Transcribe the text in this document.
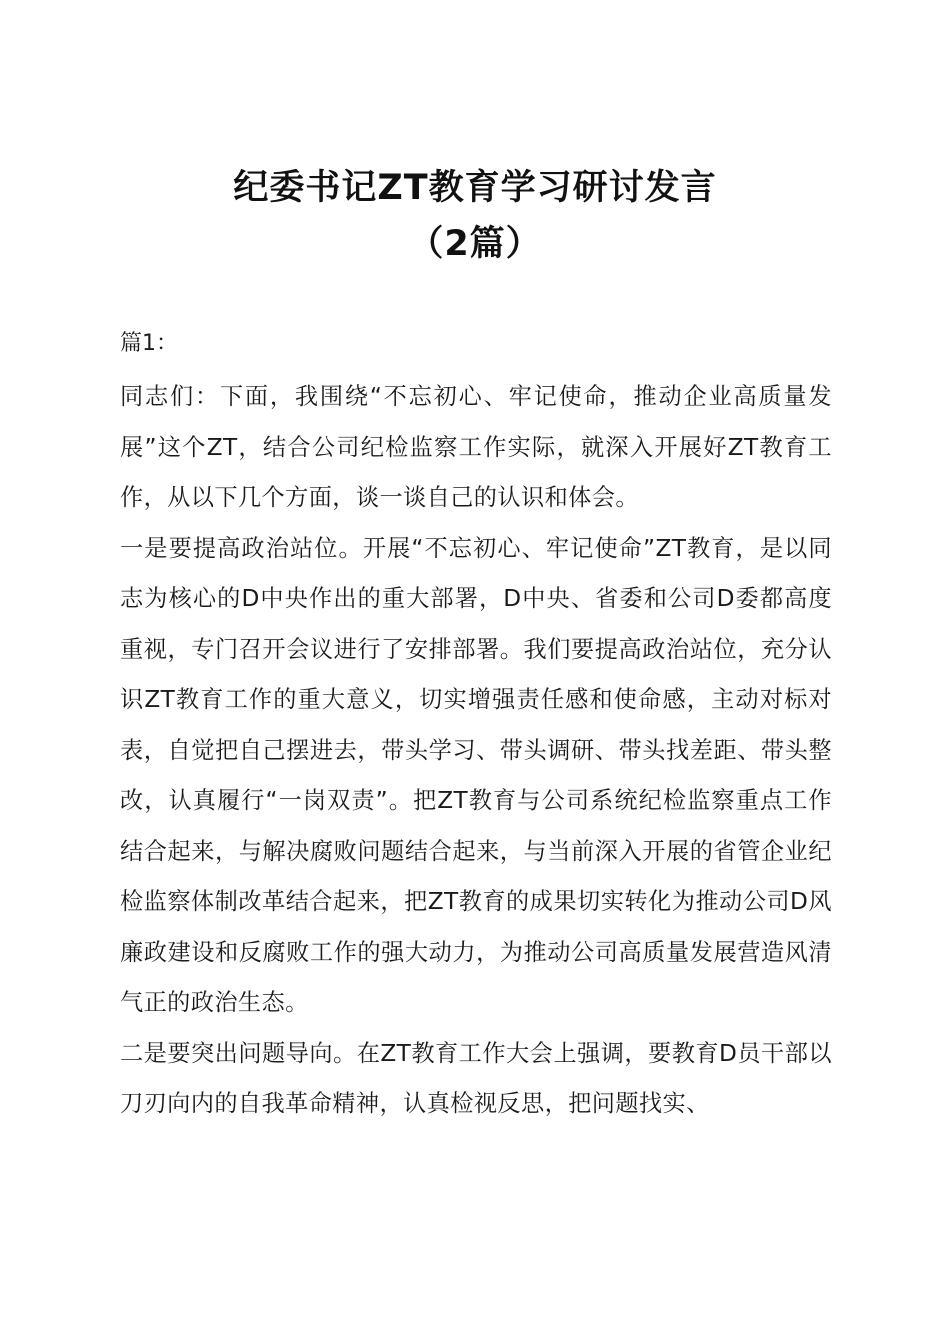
纪委书记ZT教育学习研讨发言
（2篇）
篇1：

同志们：下面，我围绕“不忘初心、牢记使命，推动企业高质量发展”这个ZT，结合公司纪检监察工作实际，就深入开展好ZT教育工作，从以下几个方面，谈一谈自己的认识和体会。

一是要提高政治站位。开展“不忘初心、牢记使命”ZT教育，是以同志为核心的D中央作出的重大部署，D中央、省委和公司D委都高度重视，专门召开会议进行了安排部署。我们要提高政治站位，充分认识ZT教育工作的重大意义，切实增强责任感和使命感，主动对标对表，自觉把自己摆进去，带头学习、带头调研、带头找差距、带头整改，认真履行“一岗双责”。把ZT教育与公司系统纪检监察重点工作结合起来，与解决腐败问题结合起来，与当前深入开展的省管企业纪检监察体制改革结合起来，把ZT教育的成果切实转化为推动公司D风廉政建设和反腐败工作的强大动力，为推动公司高质量发展营造风清气正的政治生态。

二是要突出问题导向。在ZT教育工作大会上强调，要教育D员干部以刀刃向内的自我革命精神，认真检视反思，把问题找实、
